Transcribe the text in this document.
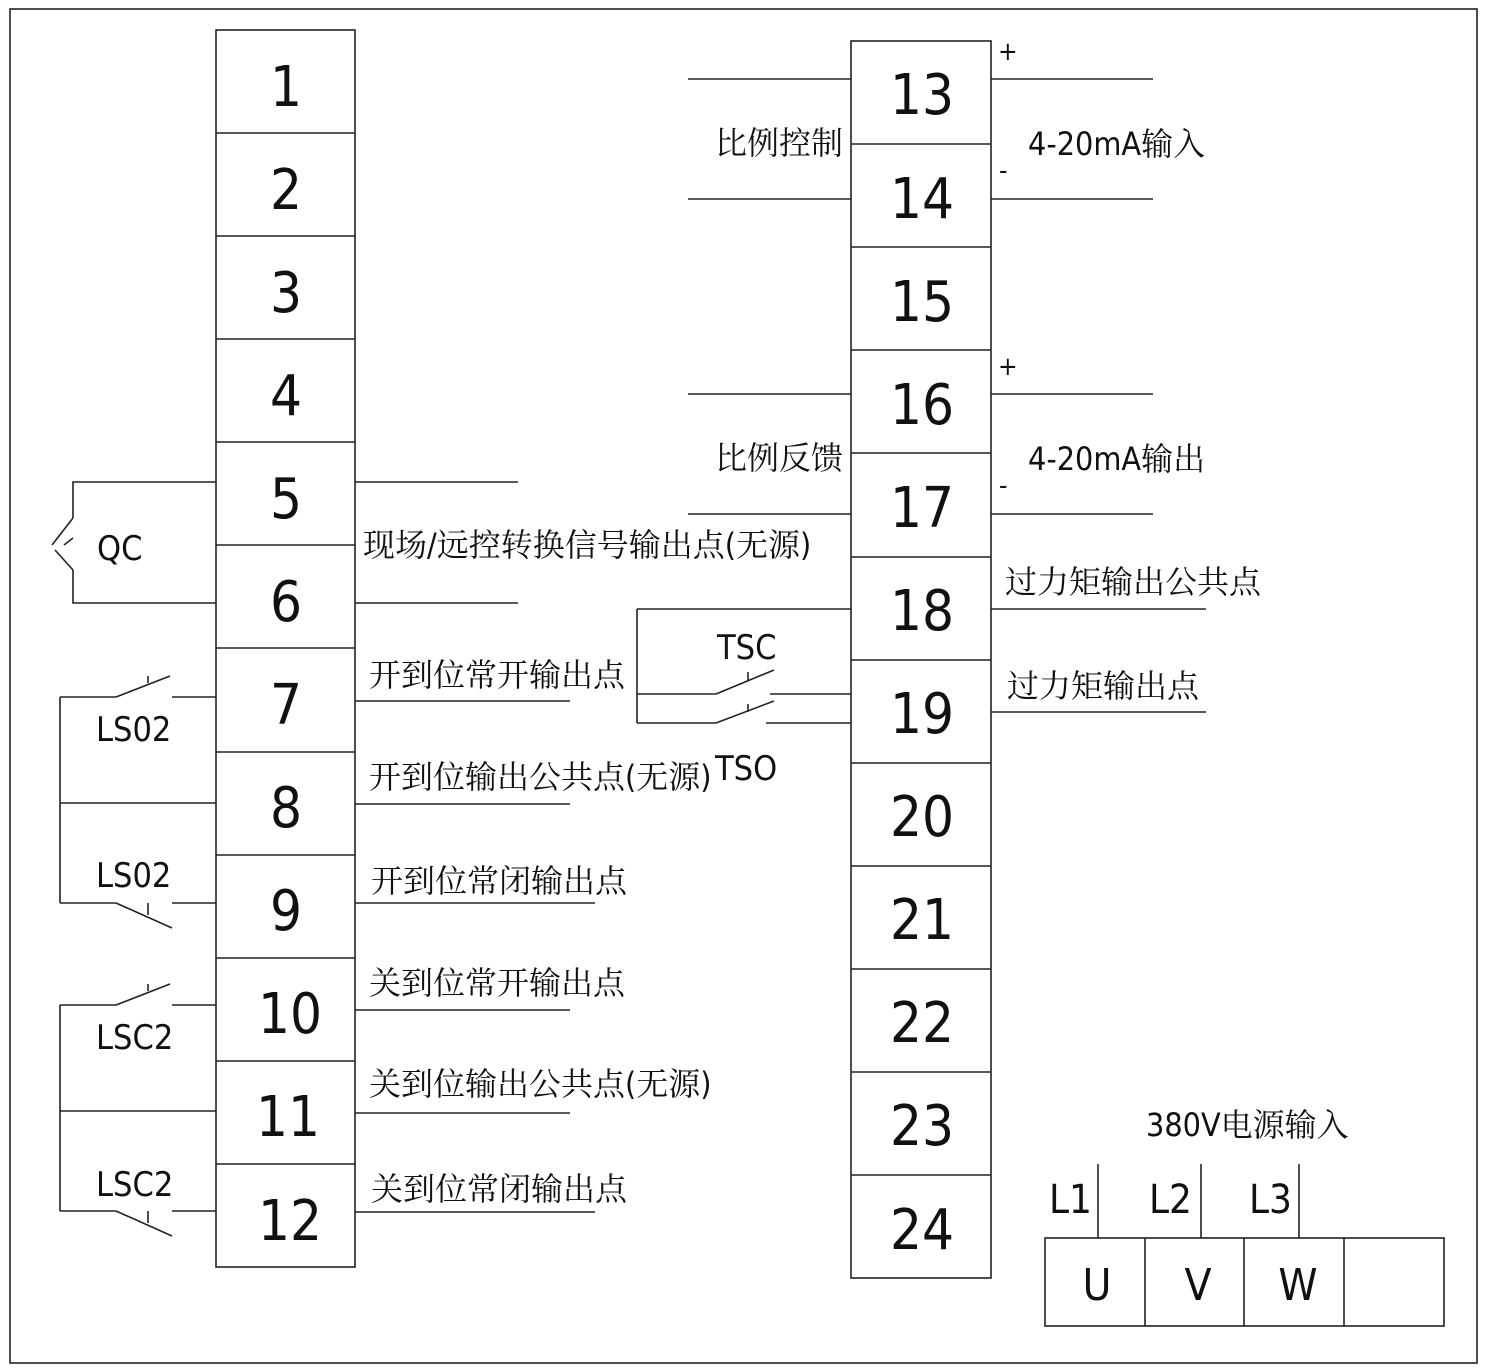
1
2
3
4
5
6
7
8
9
10
11
12
13
14
15
16
17
18
19
20
21
22
23
24
QC	现场/远控转换信号输出点(无源)
LS02
LS02
LSC2
LSC2
开到位常开输出点
开到位输出公共点(无源)
开到位常闭输出点
关到位常开输出点
关到位输出公共点(无源)
关到位常闭输出点
比例控制
比例反馈
+
-
4-20mA输入
+
-
4-20mA输出
TSC
TSO
过力矩输出公共点
过力矩输出点
380V电源输入
L1 L2 L3
U V W
